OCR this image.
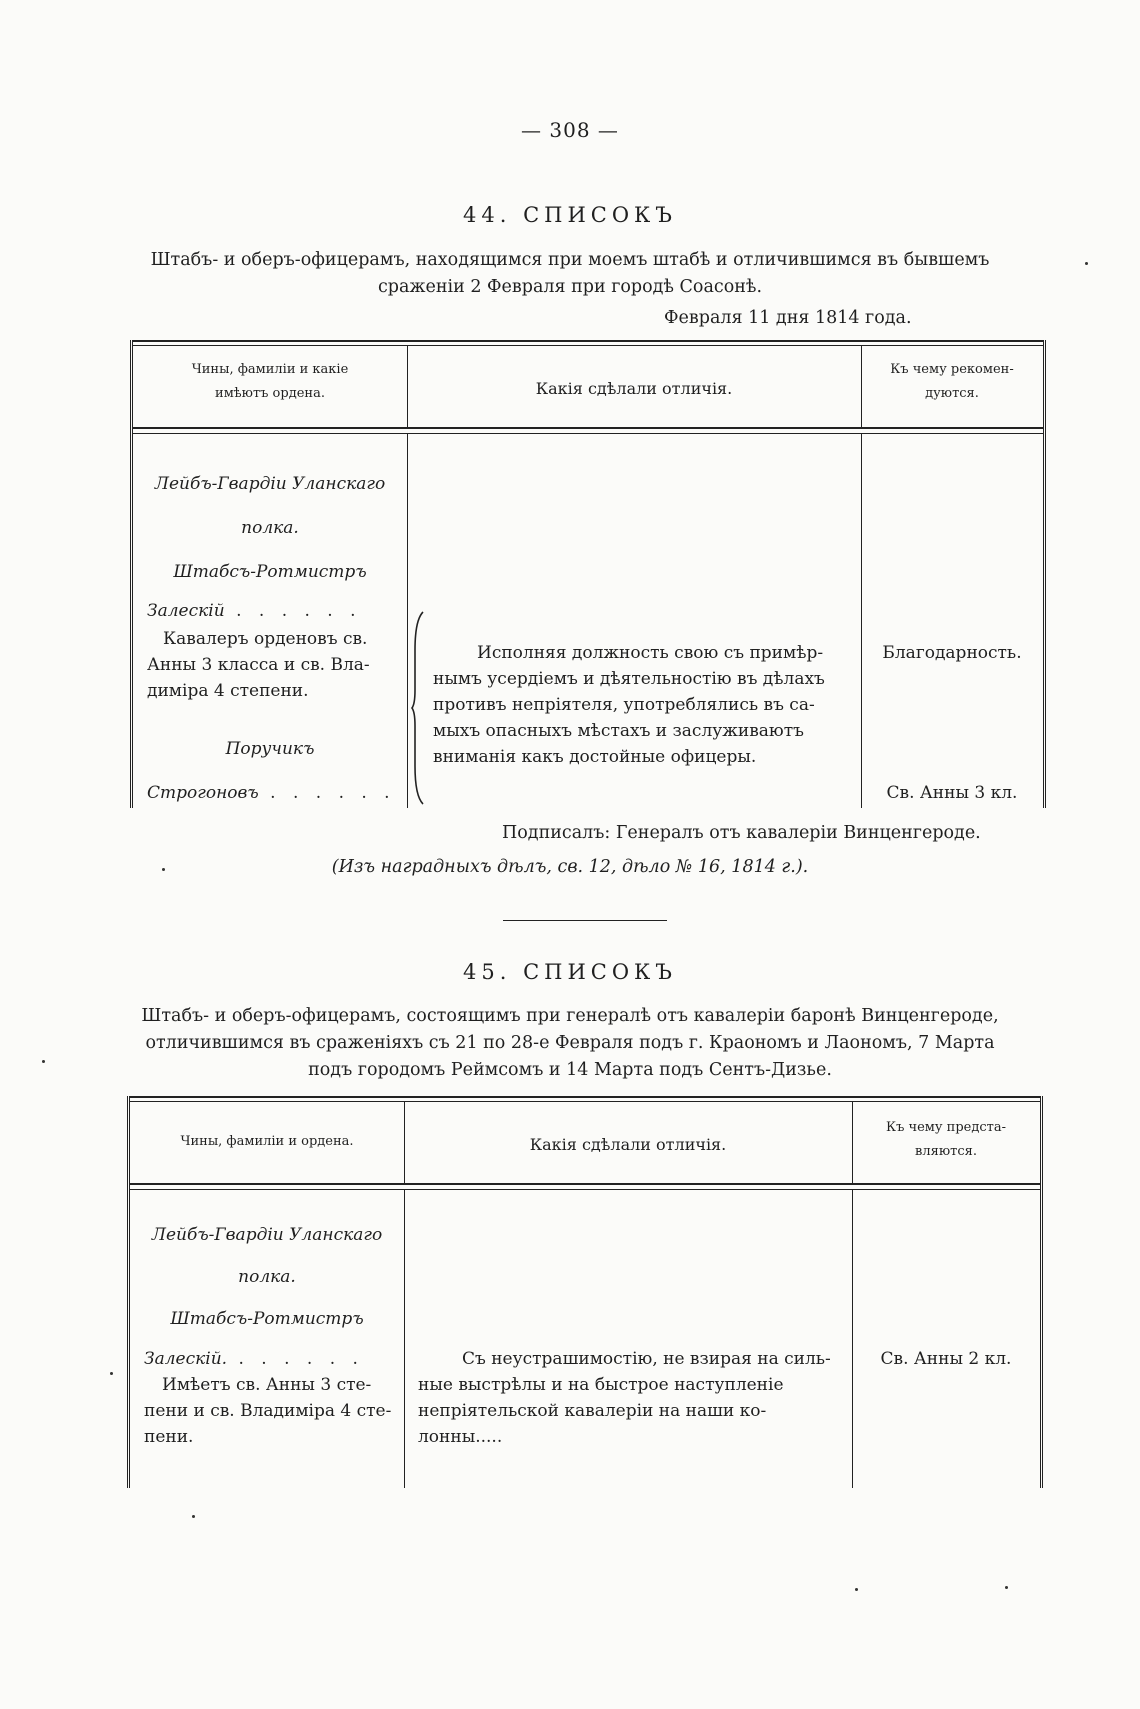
— 308 —
44. СПИСОКЪ
Штабъ- и оберъ-офицерамъ, находящимся при моемъ штабѣ и отличившимся въ бывшемъ
сраженіи 2 Февраля при городѣ Соасонѣ.
Февраля 11 дня 1814 года.
Чины, фамиліи и какіе
имѣютъ ордена.	Какія сдѣлали отличія.
Къ чему рекомен-
дуются.
Лейбъ-Гвардіи Уланскаго
полка.
Штабсъ-Ротмистръ
Залескій . . . . . .
Кавалеръ орденовъ св.
Анны 3 класса и св. Вла-
диміра 4 степени.
Поручикъ
Строгоновъ . . . . . .
Исполняя должность свою съ примѣр-
нымъ усердіемъ и дѣятельностію въ дѣлахъ
противъ непріятеля, употреблялись въ са-
мыхъ опасныхъ мѣстахъ и заслуживаютъ
вниманія какъ достойные офицеры.
Благодарность.
Св. Анны 3 кл.
Подписалъ: Генералъ отъ кавалеріи Винценгероде.
(Изъ наградныхъ дѣлъ, св. 12, дѣло № 16, 1814 г.).
45. СПИСОКЪ
Штабъ- и оберъ-офицерамъ, состоящимъ при генералѣ отъ кавалеріи баронѣ Винценгероде,
отличившимся въ сраженіяхъ съ 21 по 28-е Февраля подъ г. Краономъ и Лаономъ, 7 Марта
подъ городомъ Реймсомъ и 14 Марта подъ Сентъ-Дизье.
Чины, фамиліи и ордена.	Какія сдѣлали отличія.
Къ чему предста-
вляются.
Лейбъ-Гвардіи Уланскаго
полка.
Штабсъ-Ротмистръ
Залескій. . . . . . .
Имѣетъ св. Анны 3 сте-
пени и св. Владиміра 4 сте-
пени.
Съ неустрашимостію, не взирая на силь-
ные выстрѣлы и на быстрое наступленіе
непріятельской кавалеріи на наши ко-
лонны.....
Св. Анны 2 кл.
